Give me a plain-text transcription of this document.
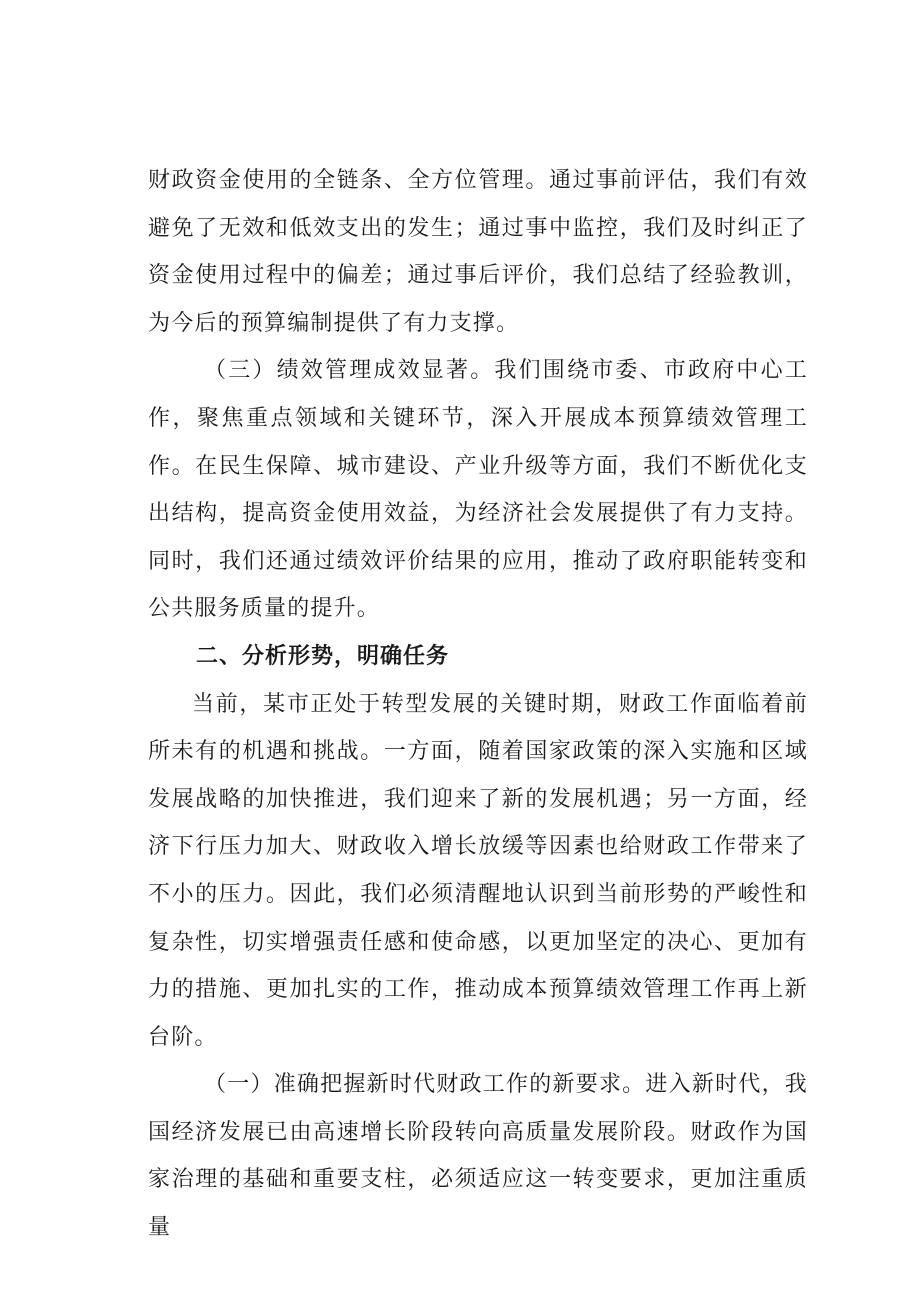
财政资金使用的全链条、全方位管理。通过事前评估，我们有效避免了无效和低效支出的发生；通过事中监控，我们及时纠正了资金使用过程中的偏差；通过事后评价，我们总结了经验教训，为今后的预算编制提供了有力支撑。

（三）绩效管理成效显著。我们围绕市委、市政府中心工作，聚焦重点领域和关键环节，深入开展成本预算绩效管理工作。在民生保障、城市建设、产业升级等方面，我们不断优化支出结构，提高资金使用效益，为经济社会发展提供了有力支持。同时，我们还通过绩效评价结果的应用，推动了政府职能转变和公共服务质量的提升。

二、分析形势，明确任务

当前，某市正处于转型发展的关键时期，财政工作面临着前所未有的机遇和挑战。一方面，随着国家政策的深入实施和区域发展战略的加快推进，我们迎来了新的发展机遇；另一方面，经济下行压力加大、财政收入增长放缓等因素也给财政工作带来了不小的压力。因此，我们必须清醒地认识到当前形势的严峻性和复杂性，切实增强责任感和使命感，以更加坚定的决心、更加有力的措施、更加扎实的工作，推动成本预算绩效管理工作再上新台阶。

（一）准确把握新时代财政工作的新要求。进入新时代，我国经济发展已由高速增长阶段转向高质量发展阶段。财政作为国家治理的基础和重要支柱，必须适应这一转变要求，更加注重质量
